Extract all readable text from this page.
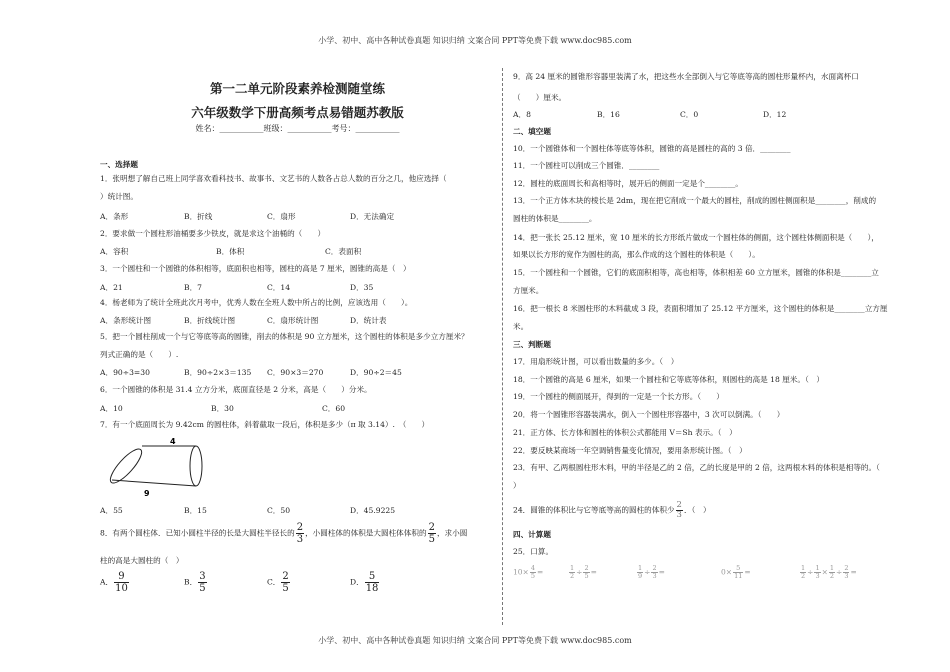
小学、初中、高中各种试卷真题 知识归纳 文案合同 PPT等免费下载 www.doc985.com
第一二单元阶段素养检测随堂练
六年级数学下册高频考点易错题苏教版
姓名：___________班级：___________考号：___________
一、选择题
1．张明想了解自己班上同学喜欢看科技书、故事书、文艺书的人数各占总人数的百分之几，他应选择（
）统计图。
A．条形	B．折线	C．扇形	D．无法确定
2．要求做一个圆柱形油桶要多少铁皮，就是求这个油桶的（　　）
A．容积	B．体积	C．表面积
3．一个圆柱和一个圆锥的体积相等，底面积也相等，圆柱的高是 7 厘米，圆锥的高是（　）
A．21	B．7	C．14	D．35
4．杨老师为了统计全班此次月考中，优秀人数在全班人数中所占的比例，应该选用（　　）。
A．条形统计图	B．折线统计图	C．扇形统计图	D．统计表
5．把一个圆柱削成一个与它等底等高的圆锥，削去的体积是 90 立方厘米，这个圆柱的体积是多少立方厘米？
列式正确的是（　　）.
A．90÷3=30	B．90÷2×3＝135 C．90×3＝270	D．90÷2＝45
6．一个圆锥的体积是 31.4 立方分米，底面直径是 2 分米，高是（　　）分米。
A．10	B．30	C．60
7．有一个底面周长为 9.42cm 的圆柱体，斜着截取一段后，体积是多少（π 取 3.14）.　（　　）
4
9
A．55	B．15	C．50	D．45.9225
8．有两个圆柱体．已知小圆柱半径的长是大圆柱半径长的 $\frac{2}{3}$ ，小圆柱体的体积是大圆柱体体积的 $\frac{2}{5}$ ，求小圆
柱的高是大圆柱的（　）
A． $\frac{9}{10}$	B． $\frac{3}{5}$	C． $\frac{2}{5}$	D． $\frac{5}{18}$
9．高 24 厘米的圆锥形容器里装满了水，把这些水全部倒入与它等底等高的圆柱形量杯内，水面离杯口
（　　）厘米。
A．8	B．16	C．0	D．12
二、填空题
10．一个圆锥体和一个圆柱体等底等体积，圆锥的高是圆柱的高的 3 倍．________
11．一个圆柱可以削成三个圆锥．________
12．圆柱的底面周长和高相等时，展开后的侧面一定是个________。
13．一个正方体木块的棱长是 2dm，现在把它削成一个最大的圆柱，削成的圆柱侧面积是________，削成的
圆柱的体积是________。
14．把一张长 25.12 厘米，宽 10 厘米的长方形纸片做成一个圆柱体的侧面，这个圆柱体侧面积是（　　），
如果以长方形的宽作为圆柱的高，那么作成的这个圆柱的体积是（　　）。
15．一个圆柱和一个圆锥，它们的底面积相等，高也相等，体积相差 60 立方厘米，圆锥的体积是________立
方厘米。
16．把一根长 8 米圆柱形的木料截成 3 段，表面积增加了 25.12 平方厘米，这个圆柱的体积是________立方厘
米。
三、判断题
17．用扇形统计图，可以看出数量的多少。（　）
18．一个圆锥的高是 6 厘米，如果一个圆柱和它等底等体积，则圆柱的高是 18 厘米。（　）
19．一个圆柱的侧面展开，得到的一定是一个长方形。（　　）
20．将一个圆锥形容器装满水，倒入一个圆柱形容器中，3 次可以倒满。（　　）
21．正方体、长方体和圆柱的体积公式都能用 V＝Sh 表示。（　）
22．要反映某商场一年空调销售量变化情况，要用条形统计图。（　）
23．有甲、乙两根圆柱形木料，甲的半径是乙的 2 倍，乙的长度是甲的 2 倍，这两根木料的体积是相等的。（
）
24．圆锥的体积比与它等底等高的圆柱的体积少 $\frac{2}{3}$ ．（　）
四、计算题
25．口算。
$10\times \frac{4}{5}$ =	$\frac{1}{2} \div \frac{2}{5}$ =	$\frac{1}{9} \div \frac{2}{3}$ =	$0\times \frac{5}{11}$ =	$\frac{1}{2} \div \frac{1}{3} \times \frac{1}{2} \div \frac{2}{3}$ =
小学、初中、高中各种试卷真题 知识归纳 文案合同 PPT等免费下载 www.doc985.com
